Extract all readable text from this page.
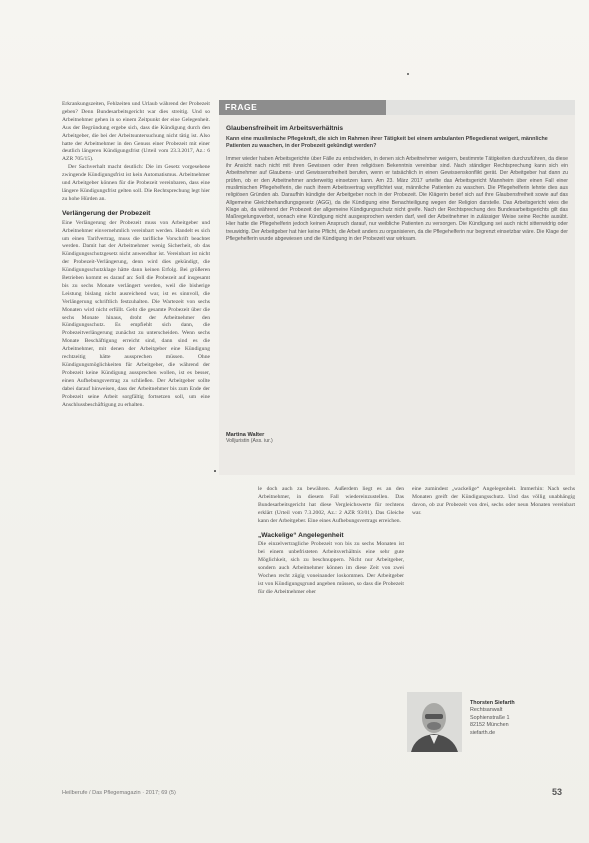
Erkrankungszeiten, Fehlzeiten und Urlaub während der Probezeit geben? Denn Bundesarbeitsgericht war dies streitig. Und so Arbeitnehmer gehen in so einem Zeitpunkt der eine Gelegenheit. Aus der Begründung ergebe sich, dass die Kündigung durch den Arbeitgeber, die bei der Arbeitsuntersuchung nicht tätig ist. Also hatte der Arbeitnehmer in den Genuss einer Probezeit mit einer deutlich längeren Kündigungsfrist (Urteil vom 23.3.2017, Az.: 6 AZR 705/15).

Der Sachverhalt macht deutlich: Die im Gesetz vorgesehene zwingende Kündigungsfrist ist kein Automatismus. Arbeitnehmer und Arbeitgeber können für die Probezeit vereinbaren, dass eine längere Kündigungsfrist gelten soll. Die Rechtsprechung legt hier zu hohe Hürden an.

Verlängerung der Probezeit

Eine Verlängerung der Probezeit muss von Arbeitgeber und Arbeitnehmer einvernehmlich vereinbart werden. Handelt es sich um einen Tarifvertrag, muss die tarifliche Vorschrift beachtet werden. Damit hat der Arbeitnehmer wenig Sicherheit, ob das Kündigungsschutzgesetz nicht anwendbar ist. Vereinbart ist nicht der Probezeit-Verlängerung, denn wird dies gekündigt, die Kündigungsschutzklage hätte dann keinen Erfolg. Bei größeren Betrieben kommt es darauf an: Soll die Probezeit auf insgesamt bis zu sechs Monate verlängert werden, weil die bisherige Leistung bislang nicht ausreichend war, ist es sinnvoll, die Verlängerung schriftlich festzuhalten. Die Wartezeit von sechs Monaten wird nicht erfüllt. Geht die gesamte Probezeit über die sechs Monate hinaus, droht der Arbeitnehmer den Kündigungsschutz. Es empfiehlt sich dann, die Probezeitverlängerung zunächst zu unterscheiden. Wenn sechs Monate Beschäftigung erreicht sind, dann sind es die Arbeitnehmer, mit denen der Arbeitgeber eine Kündigung rechtzeitig hätte aussprechen müssen. Ohne Kündigungsmöglichkeiten für Arbeitgeber, die während der Probezeit keine Kündigung aussprechen wollen, ist es besser, einen Aufhebungsvertrag zu schließen. Der Arbeitgeber sollte dabei darauf hinweisen, dass der Arbeitnehmer bis zum Ende der Probezeit seine Arbeit sorgfältig fortsetzen soll, um eine Anschlussbeschäftigung zu erhalten.

FRAGE
Glaubensfreiheit im Arbeitsverhältnis
Kann eine muslimische Pflegekraft, die sich im Rahmen ihrer Tätigkeit bei einem ambulanten Pflegedienst weigert, männliche Patienten zu waschen, in der Probezeit gekündigt werden?
Immer wieder haben Arbeitsgerichte über Fälle zu entscheiden, in denen sich Arbeitnehmer weigern, bestimmte Tätigkeiten durchzuführen, da diese ihr Ansicht nach nicht mit ihren Gewissen oder ihren religiösen Bekenntnis vereinbar sind. Nach ständiger Rechtsprechung kann sich ein Arbeitnehmer auf Glaubens- und Gewissensfreiheit berufen, wenn er tatsächlich in einen Gewissenskonflikt gerät. Der Arbeitgeber hat dann zu prüfen, ob er den Arbeitnehmer anderweitig einsetzen kann. Am 23. März 2017 urteilte das Arbeitsgericht Mannheim über einen Fall einer muslimischen Pflegehelferin, die nach ihrem Arbeitsvertrag verpflichtet war, männliche Patienten zu waschen. Die Pflegehelferin lehnte dies aus religiösen Gründen ab. Daraufhin kündigte der Arbeitgeber noch in der Probezeit. Die Klägerin berief sich auf ihre Glaubensfreiheit sowie auf das Allgemeine Gleichbehandlungsgesetz (AGG), da die Kündigung eine Benachteiligung wegen der Religion darstelle. Das Arbeitsgericht wies die Klage ab, da während der Probezeit der allgemeine Kündigungsschutz nicht greife. Nach der Rechtsprechung des Bundesarbeitsgerichts gilt das Maßregelungsverbot, wonach eine Kündigung nicht ausgesprochen werden darf, weil der Arbeitnehmer in zulässiger Weise seine Rechte ausübt. Hier hatte die Pflegehelferin jedoch keinen Anspruch darauf, nur weibliche Patienten zu versorgen. Die Kündigung sei auch nicht sittenwidrig oder treuwidrig. Der Arbeitgeber hat hier keine Pflicht, die Arbeit anders zu organisieren, da die Pflegehelferin nur begrenzt einsetzbar wäre. Die Klage der Pflegehelferin wurde abgewiesen und die Kündigung in der Probezeit war wirksam.
Martina Walter
Volljuristin (Ass. iur.)

le doch auch zu bewähren. Außerdem liegt es an den Arbeitnehmer, in diesem Fall wiedereinzustellen. Das Bundesarbeitsgericht hat diese Vergleichswerte für rechtens erklärt (Urteil vom 7.3.2002, Az.: 2 AZR 93/01). Das Gleiche kann der Arbeitgeber. Eine eines Aufhebungsvertrags erreichen.

„Wackelige“ Angelegenheit

Die einzelvertragliche Probezeit von bis zu sechs Monaten ist bei einem unbefristeten Arbeitsverhältnis eine sehr gute Möglichkeit, sich zu beschnuppern. Nicht nur Arbeitgeber, sondern auch Arbeitnehmer können im diese Zeit von zwei Wochen recht zügig voneinander loskommen. Der Arbeitgeber ist von Kündigungsgrund angeben müssen, so dass die Probezeit für die Arbeitnehmer eher

eine zumindest „wackelige“ Angelegenheit. Immerhin: Nach sechs Monaten greift der Kündigungsschutz. Und das völlig unabhängig davon, ob zur Probezeit von drei, sechs oder neun Monaten vereinbart war.

Thorsten Siefarth
Rechtsanwalt
Sophienstraße 1
82152 München
siefarth.de
Heilberufe / Das Pflegemagazin · 2017; 69 (5)	53
